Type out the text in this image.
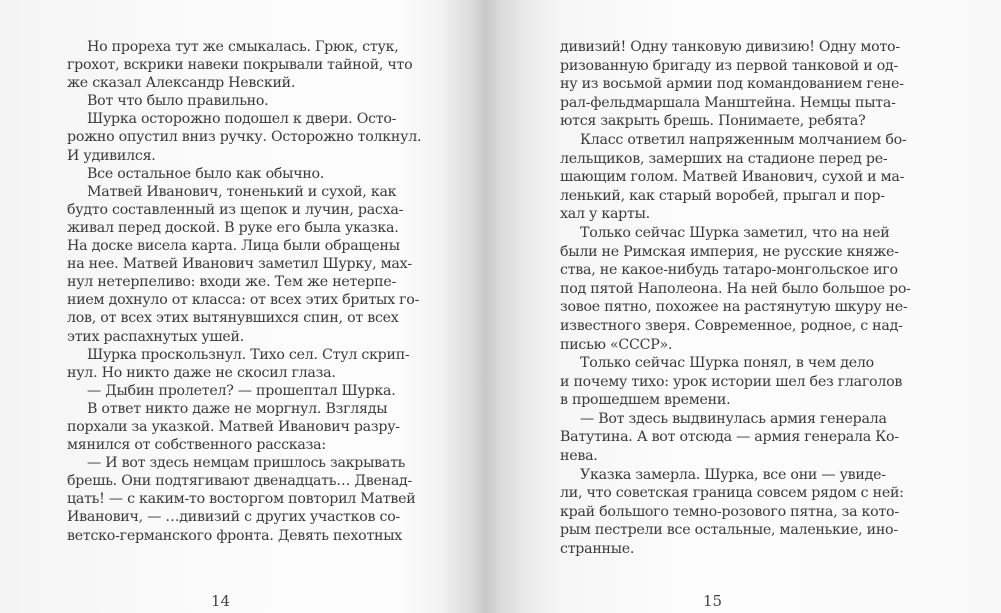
Но прореха тут же смыкалась. Грюк, стук,
грохот, вскрики навеки покрывали тайной, что
же сказал Александр Невский.
Вот что было правильно.
Шурка осторожно подошел к двери. Осто-
рожно опустил вниз ручку. Осторожно толкнул.
И удивился.
Все остальное было как обычно.
Матвей Иванович, тоненький и сухой, как
будто составленный из щепок и лучин, расха-
живал перед доской. В руке его была указка.
На доске висела карта. Лица были обращены
на нее. Матвей Иванович заметил Шурку, мах-
нул нетерпеливо: входи же. Тем же нетерпе-
нием дохнуло от класса: от всех этих бритых го-
лов, от всех этих вытянувшихся спин, от всех
этих распахнутых ушей.
Шурка проскользнул. Тихо сел. Стул скрип-
нул. Но никто даже не скосил глаза.
— Дыбин пролетел? — прошептал Шурка.
В ответ никто даже не моргнул. Взгляды
порхали за указкой. Матвей Иванович разру-
мянился от собственного рассказа:
— И вот здесь немцам пришлось закрывать
брешь. Они подтягивают двенадцать… Двенад-
цать! — с каким-то восторгом повторил Матвей
Иванович, — …дивизий с других участков со-
ветско-германского фронта. Девять пехотных
дивизий! Одну танковую дивизию! Одну мото-
ризованную бригаду из первой танковой и од-
ну из восьмой армии под командованием гене-
рал-фельдмаршала Манштейна. Немцы пыта-
ются закрыть брешь. Понимаете, ребята?
Класс ответил напряженным молчанием бо-
лельщиков, замерших на стадионе перед ре-
шающим голом. Матвей Иванович, сухой и ма-
ленький, как старый воробей, прыгал и пор-
хал у карты.
Только сейчас Шурка заметил, что на ней
были не Римская империя, не русские княже-
ства, не какое-нибудь татаро-монгольское иго
под пятой Наполеона. На ней было большое ро-
зовое пятно, похожее на растянутую шкуру не-
известного зверя. Современное, родное, с над-
писью «СССР».
Только сейчас Шурка понял, в чем дело
и почему тихо: урок истории шел без глаголов
в прошедшем времени.
— Вот здесь выдвинулась армия генерала
Ватутина. А вот отсюда — армия генерала Ко-
нева.
Указка замерла. Шурка, все они — увиде-
ли, что советская граница совсем рядом с ней:
край большого темно-розового пятна, за кото-
рым пестрели все остальные, маленькие, ино-
странные.
14	15
